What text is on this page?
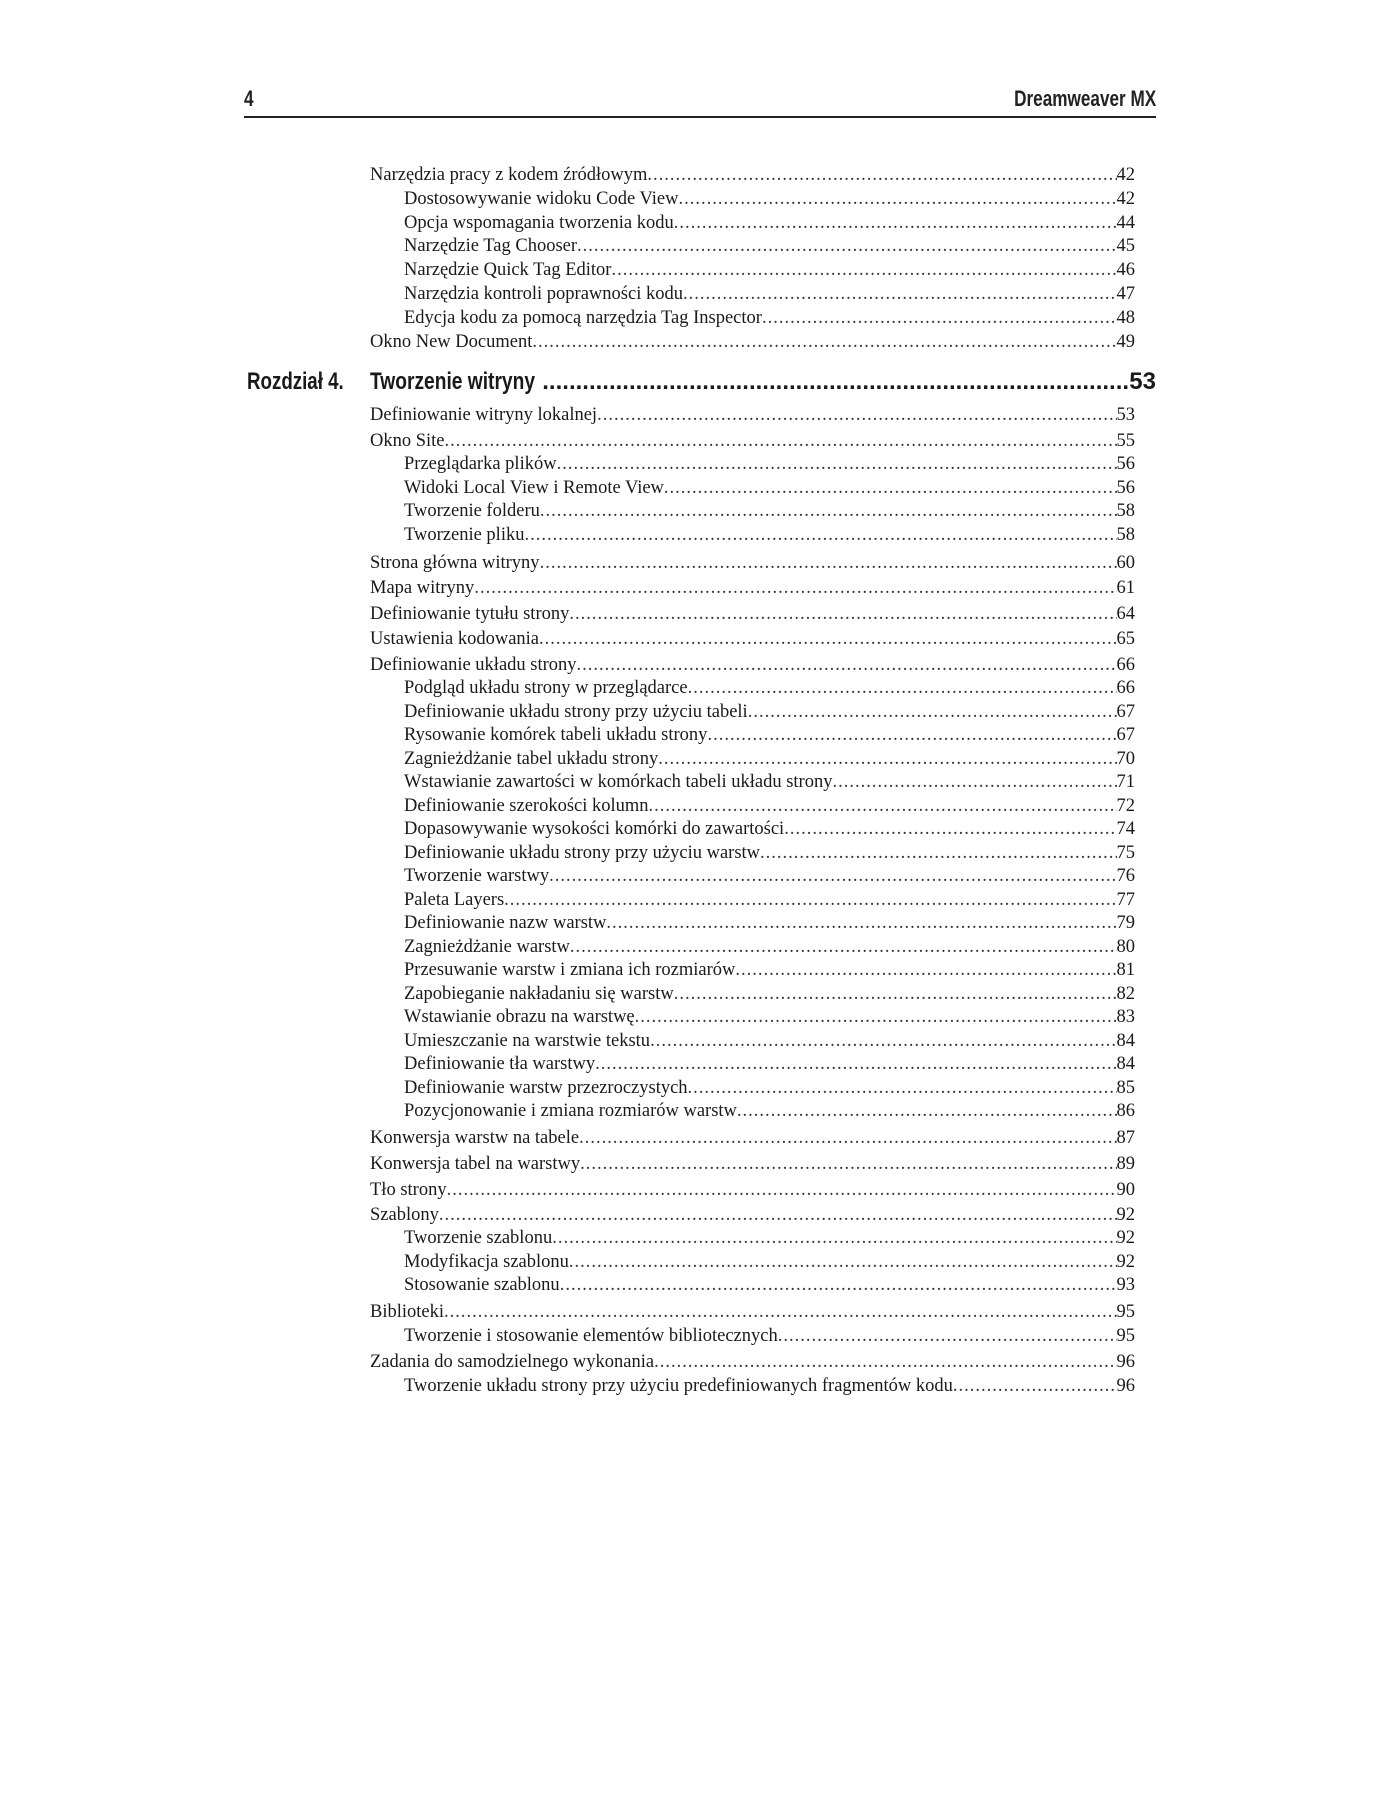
4	Dreamweaver MX
Narzędzia pracy z kodem źródłowym .....	42
Dostosowywanie widoku Code View .....	42
Opcja wspomagania tworzenia kodu .....	44
Narzędzie Tag Chooser .....	45
Narzędzie Quick Tag Editor .....	46
Narzędzia kontroli poprawności kodu .....	47
Edycja kodu za pomocą narzędzia Tag Inspector .....	48
Okno New Document .....	49
Rozdział 4. Tworzenie witryny .....	53
Definiowanie witryny lokalnej .....	53
Okno Site .....	55
Przeglądarka plików .....	56
Widoki Local View i Remote View .....	56
Tworzenie folderu .....	58
Tworzenie pliku .....	58
Strona główna witryny .....	60
Mapa witryny .....	61
Definiowanie tytułu strony .....	64
Ustawienia kodowania .....	65
Definiowanie układu strony .....	66
Podgląd układu strony w przeglądarce .....	66
Definiowanie układu strony przy użyciu tabeli .....	67
Rysowanie komórek tabeli układu strony .....	67
Zagnieżdżanie tabel układu strony .....	70
Wstawianie zawartości w komórkach tabeli układu strony .....	71
Definiowanie szerokości kolumn .....	72
Dopasowywanie wysokości komórki do zawartości .....	74
Definiowanie układu strony przy użyciu warstw .....	75
Tworzenie warstwy .....	76
Paleta Layers .....	77
Definiowanie nazw warstw .....	79
Zagnieżdżanie warstw .....	80
Przesuwanie warstw i zmiana ich rozmiarów .....	81
Zapobieganie nakładaniu się warstw .....	82
Wstawianie obrazu na warstwę .....	83
Umieszczanie na warstwie tekstu .....	84
Definiowanie tła warstwy .....	84
Definiowanie warstw przezroczystych .....	85
Pozycjonowanie i zmiana rozmiarów warstw .....	86
Konwersja warstw na tabele .....	87
Konwersja tabel na warstwy .....	89
Tło strony .....	90
Szablony .....	92
Tworzenie szablonu .....	92
Modyfikacja szablonu .....	92
Stosowanie szablonu .....	93
Biblioteki .....	95
Tworzenie i stosowanie elementów bibliotecznych .....	95
Zadania do samodzielnego wykonania .....	96
Tworzenie układu strony przy użyciu predefiniowanych fragmentów kodu .....	96
